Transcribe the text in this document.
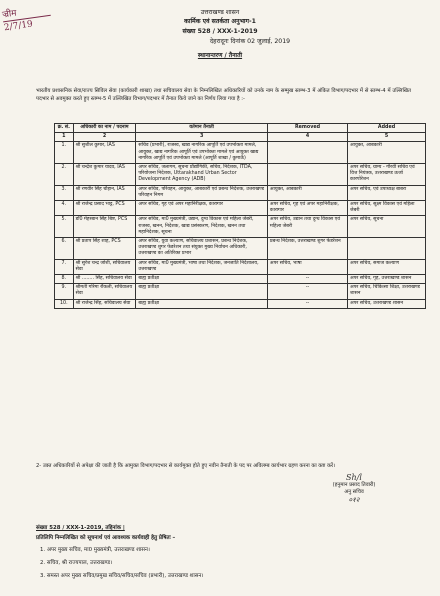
ज्रीम
2/7/19
उत्तराखण्ड शासन
कार्मिक एवं सतर्कता अनुभाग-1
संख्या 528 / XXX-1-2019
देहरादूनः दिनांक 02 जुलाई, 2019
स्थानान्तरण / तैनाती
भारतीय प्रशासनिक सेवा/राज्य सिविल सेवा (कार्यकारी शाखा) तथा सचिवालय सेवा के निम्नलिखित अधिकारियों को उनके नाम के सम्मुख स्तम्भ-3 में अंकित विभाग/पदभार में से स्तम्भ-4 में उल्लिखित पदभार से अवमुक्त करते हुए स्तम्भ-5 में उल्लिखित विभाग/पदभार में तैनात किये जाने का निर्णय लिया गया है :-
क्र. सं.	अधिकारी का नाम / पदनाम	वर्तमान तैनाती	Removed	Added
1	2	3	4	5
1.	श्री सुशील कुमार, IAS	सचिव (प्रभारी), राजस्व, खाद्य नागरिक आपूर्ति एवं उपभोक्ता मामले, आयुक्त, खाद्य नागरिक आपूर्ति एवं उपभोक्ता मामले एवं आयुक्त खाद्य नागरिक आपूर्ति एवं उपभोक्ता मामले (आपूर्ति शाखा / कुमाऊँ)		आयुक्त, आबकारी
2.	श्री चन्द्रेश कुमार यादव, IAS	अपर सचिव, जलागम, सूचना प्रौद्योगिकी, सचिव, निदेशक, ITDA, परियोजना निदेशक, Uttarakhand Urban Sector Development Agency (ADB)		अपर सचिव, ग्राम्य - गौरवी सचिव एवं वित्त नियंत्रक, उत्तराखण्ड ऊर्जा कारपोरेशन
3.	श्री रणवीर सिंह चौहान, IAS	अपर सचिव, परिवहन, आयुक्त, आबकारी एवं प्रबन्ध निदेशक, उत्तराखण्ड परिवहन निगम	आयुक्त, आबकारी	अपर सचिव, एवं उपाध्यक्ष बाबरा
4.	श्री राजेन्द्र प्रसाद भाट्ट, PCS	अपर सचिव, गृह एवं अपर महानिरीक्षक, कारागार	अपर सचिव, गृह एवं अपर महानिरीक्षक, कारागार	अपर सचिव, सूक्ष्म विकास एवं महिला जेबरी
5.	डॉ0 मेहरबान सिंह बिष्ट, PCS	अपर सचिव, मा0 मुख्यमंत्री, उद्यान, दुग्ध विकास एवं महिला जेबरी, राजस्व, खनन, निदेशक, खाद्य प्रसंस्करण, निदेशक, खनन तथा महानिदेशक, सूचना	अपर सचिव, उद्यान तथा दुग्ध विकास एवं महिला जेबरी	अपर सचिव, सूचना
6.	श्री प्रताप सिंह शाह, PCS	अपर सचिव, युवा कल्याण, सचिवालय प्रशासन, प्रबन्ध निदेशक, उत्तराखण्ड शुगर फेडरेशन तथा संयुक्त मुख्य निर्वाचन अधिकारी, उत्तराखण्ड का अतिरिक्त प्रभार	प्रबन्ध निदेशक, उत्तराखण्ड शुगर फेडरेशन	
7.	श्री सुरेश चन्द्र जोशी, सचिवालय सेवा	अपर सचिव, मा0 मुख्यमंत्री, भाषा तथा निदेशक, जनजाति निदेशालय, उत्तराखण्ड	अपर सचिव, भाषा	अपर सचिव, समाज कल्याण
8.	श्री ........ सिंह, सचिवालय सेवा	बाह्य प्रतीक्षा	--	अपर सचिव, गृह, उत्तराखण्ड शासन
9.	श्रीमती गरिमा रौंकली, सचिवालय सेवा	बाह्य प्रतीक्षा	--	अपर सचिव, चिकित्सा शिक्षा, उत्तराखण्ड शासन
10.	श्री राजेन्द्र सिंह, सचिवालय सेवा	बाह्य प्रतीक्षा	--	अपर सचिव, उत्तराखण्ड शासन
2- उक्त अधिकारियों से अपेक्षा की जाती है कि आमुक्त विभाग/पदभार से कार्यमुक्त होते हुए नवीन तैनाती के पद पर अविलम्ब कार्यभार ग्रहण करना का कष्ट करें।
Sh/l
(हनुमान प्रसाद तिवारी)
अनु सचिव
०१२
संख्या 528 / XXX-1-2019, तद्दिनांक |
प्रतिलिपि निम्नलिखित को सूचनार्थ एवं आवश्यक कार्यवाही हेतु प्रेषितः –
1. अपर मुख्य सचिव, मा0 मुख्यमंत्री, उत्तराखण्ड शासन।
2. सचिव, श्री राज्यपाल, उत्तराखण्ड।
3. समस्त अपर मुख्य सचिव/प्रमुख सचिव/सचिव/सचिव (प्रभारी), उत्तराखण्ड शासन।
